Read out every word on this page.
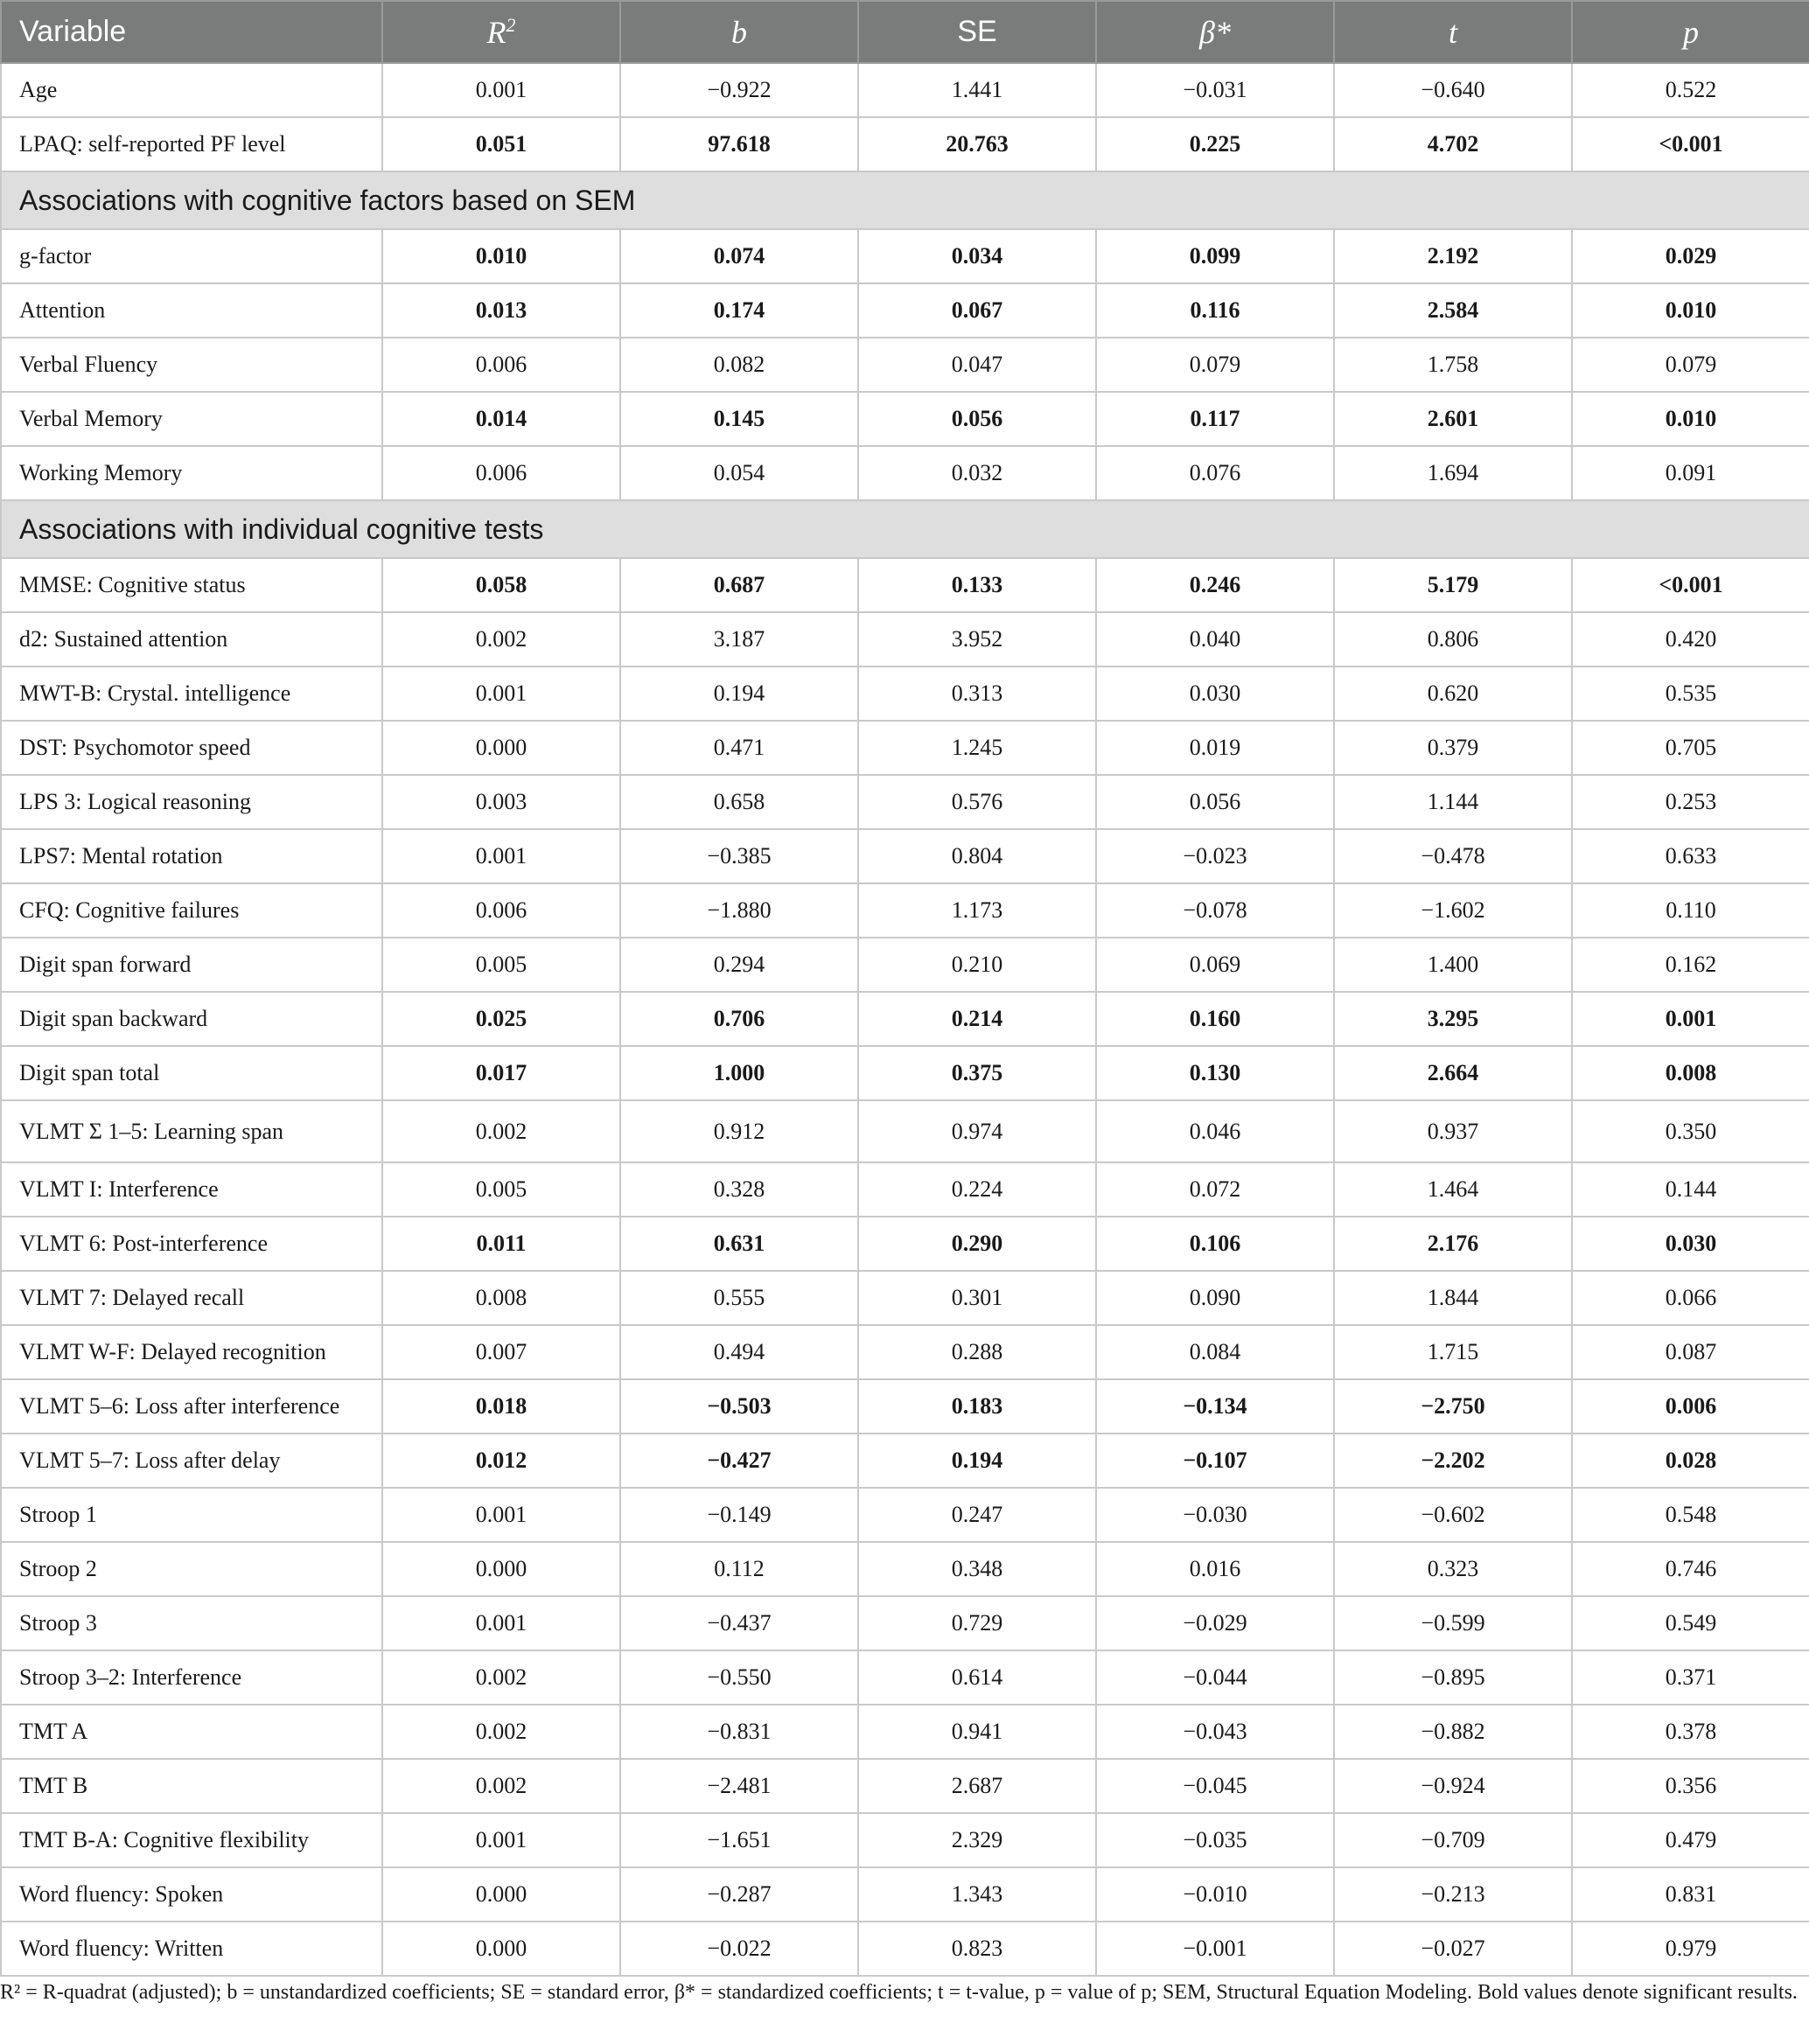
Variable	$R^2$	b	SE	β*	t	p
Age	0.001	−0.922	1.441	−0.031	−0.640	0.522
LPAQ: self-reported PF level	0.051	97.618	20.763	0.225	4.702	<0.001
Associations with cognitive factors based on SEM						
g-factor	0.010	0.074	0.034	0.099	2.192	0.029
Attention	0.013	0.174	0.067	0.116	2.584	0.010
Verbal Fluency	0.006	0.082	0.047	0.079	1.758	0.079
Verbal Memory	0.014	0.145	0.056	0.117	2.601	0.010
Working Memory	0.006	0.054	0.032	0.076	1.694	0.091
Associations with individual cognitive tests						
MMSE: Cognitive status	0.058	0.687	0.133	0.246	5.179	<0.001
d2: Sustained attention	0.002	3.187	3.952	0.040	0.806	0.420
MWT-B: Crystal. intelligence	0.001	0.194	0.313	0.030	0.620	0.535
DST: Psychomotor speed	0.000	0.471	1.245	0.019	0.379	0.705
LPS 3: Logical reasoning	0.003	0.658	0.576	0.056	1.144	0.253
LPS7: Mental rotation	0.001	−0.385	0.804	−0.023	−0.478	0.633
CFQ: Cognitive failures	0.006	−1.880	1.173	−0.078	−1.602	0.110
Digit span forward	0.005	0.294	0.210	0.069	1.400	0.162
Digit span backward	0.025	0.706	0.214	0.160	3.295	0.001
Digit span total	0.017	1.000	0.375	0.130	2.664	0.008
VLMT Σ 1–5: Learning span	0.002	0.912	0.974	0.046	0.937	0.350
VLMT I: Interference	0.005	0.328	0.224	0.072	1.464	0.144
VLMT 6: Post-interference	0.011	0.631	0.290	0.106	2.176	0.030
VLMT 7: Delayed recall	0.008	0.555	0.301	0.090	1.844	0.066
VLMT W-F: Delayed recognition	0.007	0.494	0.288	0.084	1.715	0.087
VLMT 5–6: Loss after interference	0.018	−0.503	0.183	−0.134	−2.750	0.006
VLMT 5–7: Loss after delay	0.012	−0.427	0.194	−0.107	−2.202	0.028
Stroop 1	0.001	−0.149	0.247	−0.030	−0.602	0.548
Stroop 2	0.000	0.112	0.348	0.016	0.323	0.746
Stroop 3	0.001	−0.437	0.729	−0.029	−0.599	0.549
Stroop 3–2: Interference	0.002	−0.550	0.614	−0.044	−0.895	0.371
TMT A	0.002	−0.831	0.941	−0.043	−0.882	0.378
TMT B	0.002	−2.481	2.687	−0.045	−0.924	0.356
TMT B-A: Cognitive flexibility	0.001	−1.651	2.329	−0.035	−0.709	0.479
Word fluency: Spoken	0.000	−0.287	1.343	−0.010	−0.213	0.831
Word fluency: Written	0.000	−0.022	0.823	−0.001	−0.027	0.979
R² = R-quadrat (adjusted); b = unstandardized coefficients; SE = standard error, β* = standardized coefficients; t = t-value, p = value of p; SEM, Structural Equation Modeling. Bold values denote significant results.
